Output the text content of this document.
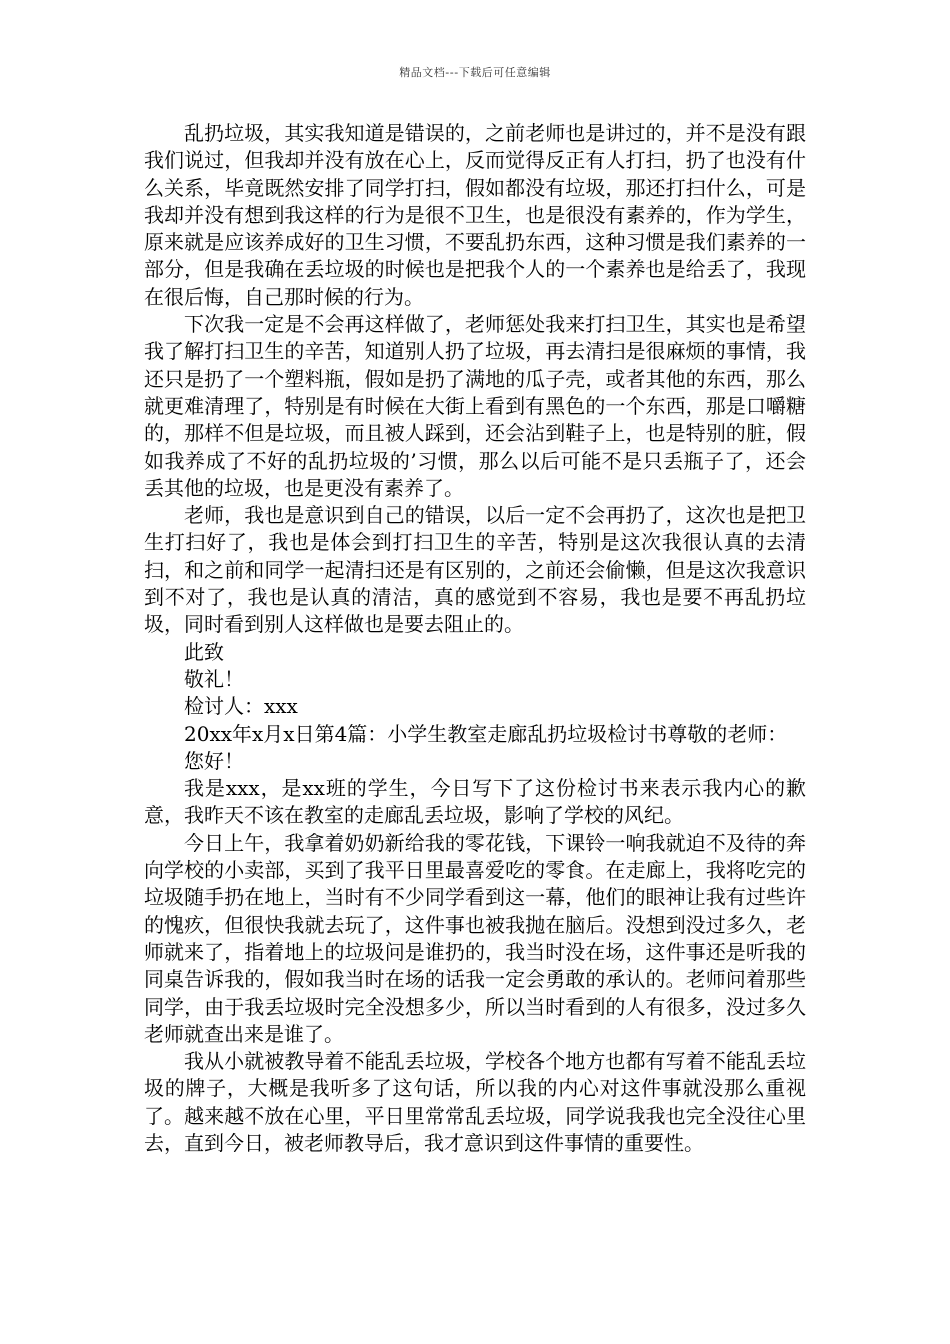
精品文档---下载后可任意编辑

乱扔垃圾，其实我知道是错误的，之前老师也是讲过的，并不是没有跟我们说过，但我却并没有放在心上，反而觉得反正有人打扫，扔了也没有什么关系，毕竟既然安排了同学打扫，假如都没有垃圾，那还打扫什么，可是我却并没有想到我这样的行为是很不卫生，也是很没有素养的，作为学生，原来就是应该养成好的卫生习惯，不要乱扔东西，这种习惯是我们素养的一部分，但是我确在丢垃圾的时候也是把我个人的一个素养也是给丢了，我现在很后悔，自己那时候的行为。

下次我一定是不会再这样做了，老师惩处我来打扫卫生，其实也是希望我了解打扫卫生的辛苦，知道别人扔了垃圾，再去清扫是很麻烦的事情，我还只是扔了一个塑料瓶，假如是扔了满地的瓜子壳，或者其他的东西，那么就更难清理了，特别是有时候在大街上看到有黑色的一个东西，那是口嚼糖的，那样不但是垃圾，而且被人踩到，还会沾到鞋子上，也是特别的脏，假如我养成了不好的乱扔垃圾的’习惯，那么以后可能不是只丢瓶子了，还会丢其他的垃圾，也是更没有素养了。

老师，我也是意识到自己的错误，以后一定不会再扔了，这次也是把卫生打扫好了，我也是体会到打扫卫生的辛苦，特别是这次我很认真的去清扫，和之前和同学一起清扫还是有区别的，之前还会偷懒，但是这次我意识到不对了，我也是认真的清洁，真的感觉到不容易，我也是要不再乱扔垃圾，同时看到别人这样做也是要去阻止的。

此致

敬礼！

检讨人：xxx

20xx年x月x日第4篇：小学生教室走廊乱扔垃圾检讨书尊敬的老师：

您好！

我是xxx，是xx班的学生，今日写下了这份检讨书来表示我内心的歉意，我昨天不该在教室的走廊乱丢垃圾，影响了学校的风纪。

今日上午，我拿着奶奶新给我的零花钱，下课铃一响我就迫不及待的奔向学校的小卖部，买到了我平日里最喜爱吃的零食。在走廊上，我将吃完的垃圾随手扔在地上，当时有不少同学看到这一幕，他们的眼神让我有过些许的愧疚，但很快我就去玩了，这件事也被我抛在脑后。没想到没过多久，老师就来了，指着地上的垃圾问是谁扔的，我当时没在场，这件事还是听我的同桌告诉我的，假如我当时在场的话我一定会勇敢的承认的。老师问着那些同学，由于我丢垃圾时完全没想多少，所以当时看到的人有很多，没过多久老师就查出来是谁了。

我从小就被教导着不能乱丢垃圾，学校各个地方也都有写着不能乱丢垃圾的牌子，大概是我听多了这句话，所以我的内心对这件事就没那么重视了。越来越不放在心里，平日里常常乱丢垃圾，同学说我我也完全没往心里去，直到今日，被老师教导后，我才意识到这件事情的重要性。
